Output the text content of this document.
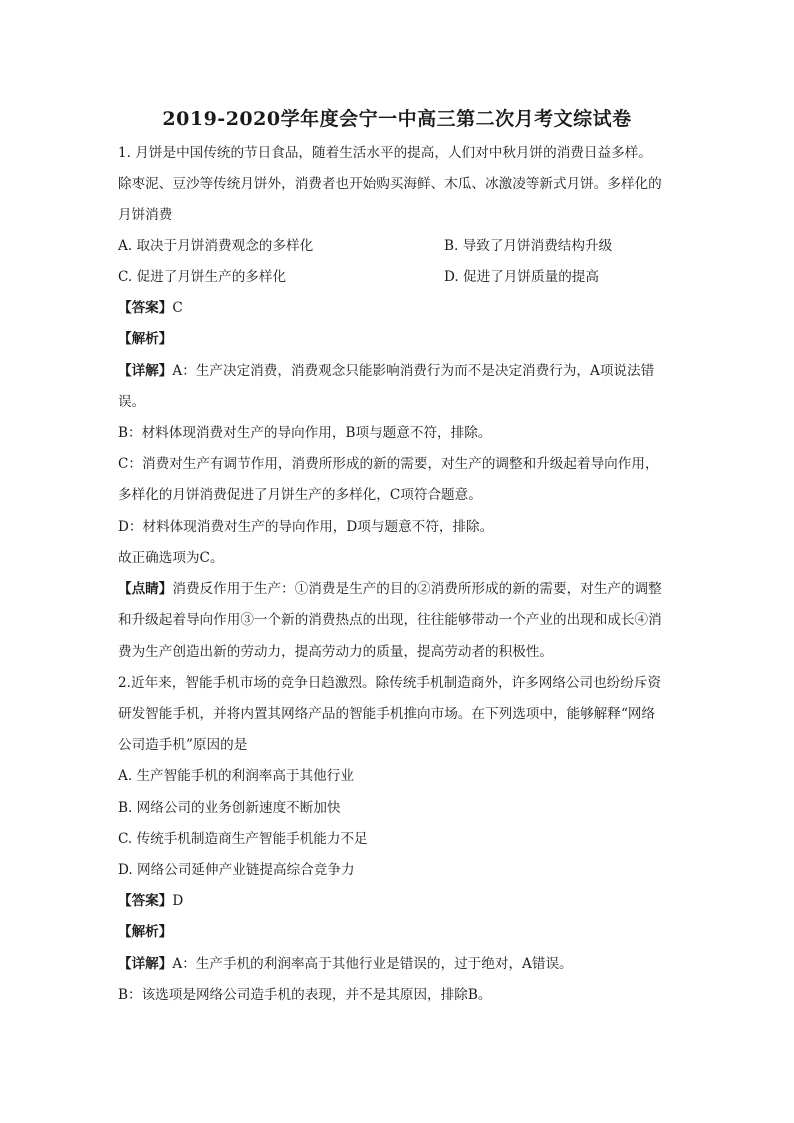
2019-2020学年度会宁一中高三第二次月考文综试卷
1. 月饼是中国传统的节日食品，随着生活水平的提高，人们对中秋月饼的消费日益多样。
除枣泥、豆沙等传统月饼外，消费者也开始购买海鲜、木瓜、冰激凌等新式月饼。多样化的
月饼消费
A. 取决于月饼消费观念的多样化	B. 导致了月饼消费结构升级
C. 促进了月饼生产的多样化	D. 促进了月饼质量的提高
【答案】C
【解析】
【详解】A：生产决定消费，消费观念只能影响消费行为而不是决定消费行为，A项说法错
误。
B：材料体现消费对生产的导向作用，B项与题意不符，排除。
C：消费对生产有调节作用，消费所形成的新的需要，对生产的调整和升级起着导向作用，
多样化的月饼消费促进了月饼生产的多样化，C项符合题意。
D：材料体现消费对生产的导向作用，D项与题意不符，排除。
故正确选项为C。
【点睛】消费反作用于生产：①消费是生产的目的②消费所形成的新的需要，对生产的调整
和升级起着导向作用③一个新的消费热点的出现，往往能够带动一个产业的出现和成长④消
费为生产创造出新的劳动力，提高劳动力的质量，提高劳动者的积极性。
2.近年来，智能手机市场的竞争日趋激烈。除传统手机制造商外，许多网络公司也纷纷斥资
研发智能手机，并将内置其网络产品的智能手机推向市场。在下列选项中，能够解释“网络
公司造手机”原因的是
A. 生产智能手机的利润率高于其他行业
B. 网络公司的业务创新速度不断加快
C. 传统手机制造商生产智能手机能力不足
D. 网络公司延伸产业链提高综合竞争力
【答案】D
【解析】
【详解】A：生产手机的利润率高于其他行业是错误的，过于绝对，A错误。
B：该选项是网络公司造手机的表现，并不是其原因，排除B。
